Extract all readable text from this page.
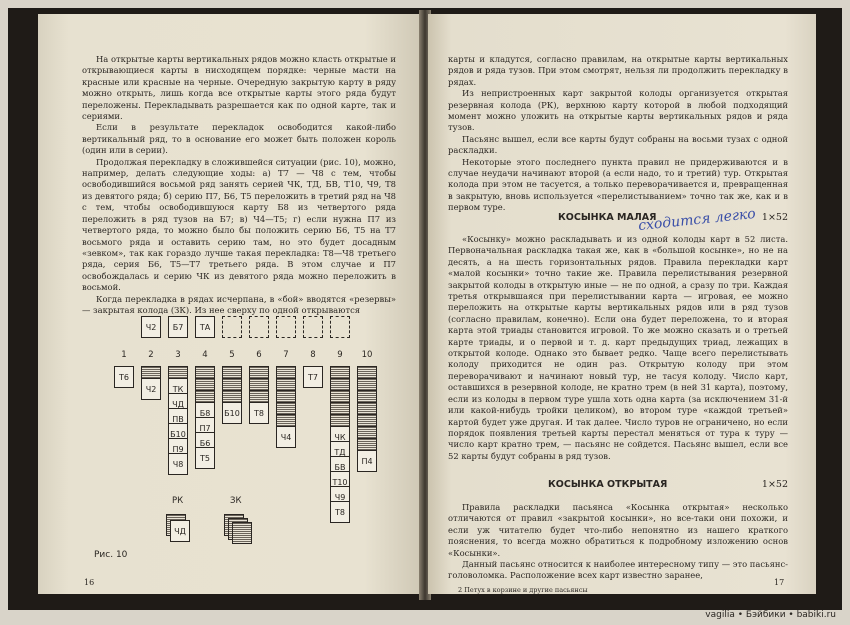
На открытые карты вертикальных рядов можно класть открытые и открывающиеся карты в нисходящем порядке: черные масти на красные или красные на черные. Очередную закрытую карту в ряду можно открыть, лишь когда все открытые карты этого ряда будут переложены. Перекладывать разрешается как по одной карте, так и сериями.

Если в результате перекладок освободится какой-либо вертикальный ряд, то в основание его может быть положен король (один или в серии).

Продолжая перекладку в сложившейся ситуации (рис. 10), можно, например, делать следующие ходы: а) Т7 — Ч8 с тем, чтобы освободившийся восьмой ряд занять серией ЧК, ТД, БВ, Т10, Ч9, Т8 из девятого ряда; б) серию П7, Б6, Т5 переложить в третий ряд на Ч8 с тем, чтобы освободившуюся карту Б8 из четвертого ряда переложить в ряд тузов на Б7; в) Ч4—Т5; г) если нужна П7 из четвертого ряда, то можно было бы положить серию Б6, Т5 на Т7 восьмого ряда и оставить серию там, но это будет досадным «зевком», так как гораздо лучше такая перекладка: Т8—Ч8 третьего ряда, серия Б6, Т5—Т7 третьего ряда. В этом случае и П7 освобождалась и серию ЧК из девятого ряда можно переложить в восьмой.

Когда перекладка в рядах исчерпана, в «бой» вводятся «резервы» — закрытая колода (ЗК). Из нее сверху по одной открываются

Ч2	Б7	ТА
1	2	3	4	5	6	7	8	9	10
Т6
Ч2	ТК
ЧД
ПВ
Б10
П9
Ч8
Б8
П7
Б6
Т5
Б10	Т8
Ч4
Т7
ЧК
ТД
БВ
Т10
Ч9
Т8
П4
РК	ЗК
ЧД
Рис. 10
16

карты и кладутся, согласно правилам, на открытые карты вертикальных рядов и ряда тузов. При этом смотрят, нельзя ли продолжить перекладку в рядах.

Из непристроенных карт закрытой колоды организуется открытая резервная колода (РК), верхнюю карту которой в любой подходящий момент можно уложить на открытые карты вертикальных рядов и ряда тузов.

Пасьянс вышел, если все карты будут собраны на восьми тузах с одной раскладки.

Некоторые этого последнего пункта правил не придерживаются и в случае неудачи начинают второй (а если надо, то и третий) тур. Открытая колода при этом не тасуется, а только переворачивается и, превращенная в закрытую, вновь используется «перелистыванием» точно так же, как и в первом туре.

КОСЫНКА МАЛАЯ	1×52
сходится легко

«Косынку» можно раскладывать и из одной колоды карт в 52 листа. Первоначальная раскладка такая же, как в «большой косынке», но не на десять, а на шесть горизонтальных рядов. Правила перекладки карт «малой косынки» точно такие же. Правила перелистывания резервной закрытой колоды в открытую иные — не по одной, а сразу по три. Каждая третья открывшаяся при перелистывании карта — игровая, ее можно переложить на открытые карты вертикальных рядов или в ряд тузов (согласно правилам, конечно). Если она будет переложена, то и вторая карта этой триады становится игровой. То же можно сказать и о третьей карте триады, и о первой и т. д. карт предыдущих триад, лежащих в открытой колоде. Однако это бывает редко. Чаще всего перелистывать колоду приходится не один раз. Открытую колоду при этом переворачивают и начинают новый тур, не тасуя колоду. Число карт, оставшихся в резервной колоде, не кратно трем (в ней 31 карта), поэтому, если из колоды в первом туре ушла хоть одна карта (за исключением 31-й или какой-нибудь тройки целиком), во втором туре «каждой третьей» картой будет уже другая. И так далее. Число туров не ограничено, но если порядок появления третьей карты перестал меняться от тура к туру — число карт кратно трем, — пасьянс не сойдется. Пасьянс вышел, если все 52 карты будут собраны в ряд тузов.

КОСЫНКА ОТКРЫТАЯ	1×52

Правила раскладки пасьянса «Косынка открытая» несколько отличаются от правил «закрытой косынки», но все-таки они похожи, и если уж читателю будет что-либо непонятно из нашего краткого пояснения, то всегда можно обратиться к подробному изложению основ «Косынки».

Данный пасьянс относится к наиболее интересному типу — это пасьянс-головоломка. Расположение всех карт известно заранее,

2 Петух в корзине и другие пасьянсы
17
vagilia • Бэйбики • babiki.ru
